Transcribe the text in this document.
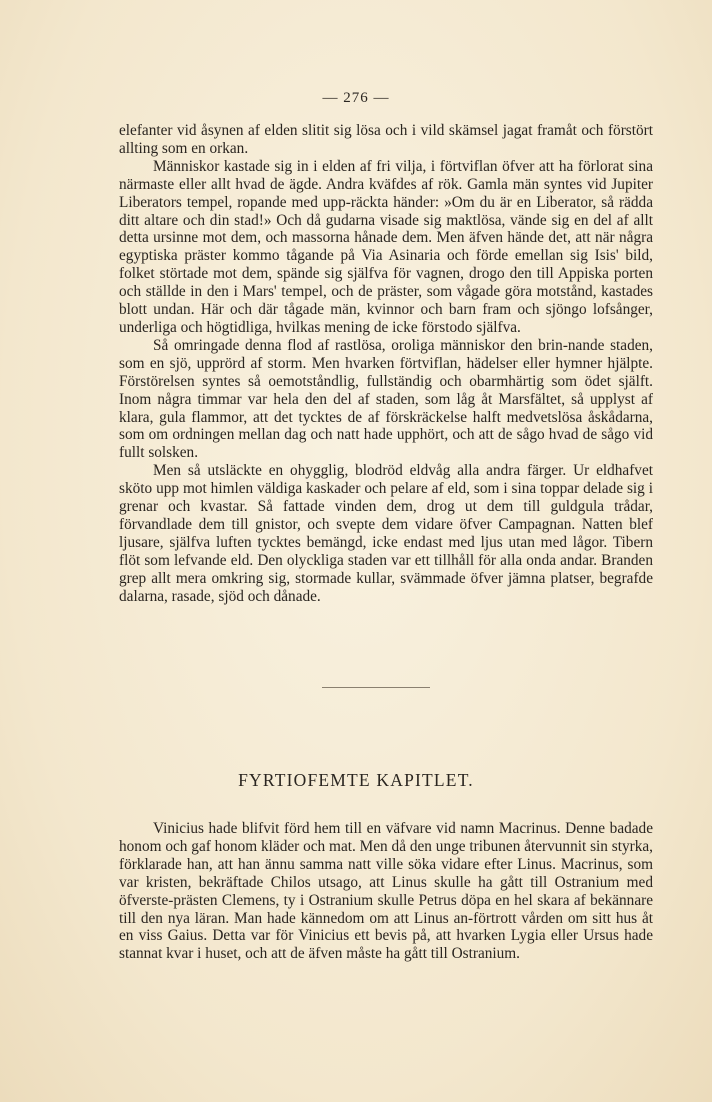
— 276 —

elefanter vid åsynen af elden slitit sig lösa och i vild skämsel jagat framåt och förstört allting som en orkan.

Människor kastade sig in i elden af fri vilja, i förtviflan öfver att ha förlorat sina närmaste eller allt hvad de ägde. Andra kväfdes af rök. Gamla män syntes vid Jupiter Liberators tempel, ropande med upp-räckta händer: »Om du är en Liberator, så rädda ditt altare och din stad!» Och då gudarna visade sig maktlösa, vände sig en del af allt detta ursinne mot dem, och massorna hånade dem. Men äfven hände det, att när några egyptiska präster kommo tågande på Via Asinaria och förde emellan sig Isis' bild, folket störtade mot dem, spände sig själfva för vagnen, drogo den till Appiska porten och ställde in den i Mars' tempel, och de präster, som vågade göra motstånd, kastades blott undan. Här och där tågade män, kvinnor och barn fram och sjöngo lofsånger, underliga och högtidliga, hvilkas mening de icke förstodo själfva.

Så omringade denna flod af rastlösa, oroliga människor den brin-nande staden, som en sjö, upprörd af storm. Men hvarken förtviflan, hädelser eller hymner hjälpte. Förstörelsen syntes så oemotståndlig, fullständig och obarmhärtig som ödet själft. Inom några timmar var hela den del af staden, som låg åt Marsfältet, så upplyst af klara, gula flammor, att det tycktes de af förskräckelse halft medvetslösa åskådarna, som om ordningen mellan dag och natt hade upphört, och att de sågo hvad de sågo vid fullt solsken.

Men så utsläckte en ohygglig, blodröd eldvåg alla andra färger. Ur eldhafvet sköto upp mot himlen väldiga kaskader och pelare af eld, som i sina toppar delade sig i grenar och kvastar. Så fattade vinden dem, drog ut dem till guldgula trådar, förvandlade dem till gnistor, och svepte dem vidare öfver Campagnan. Natten blef ljusare, själfva luften tycktes bemängd, icke endast med ljus utan med lågor. Tibern flöt som lefvande eld. Den olyckliga staden var ett tillhåll för alla onda andar. Branden grep allt mera omkring sig, stormade kullar, svämmade öfver jämna platser, begrafde dalarna, rasade, sjöd och dånade.

FYRTIOFEMTE KAPITLET.

Vinicius hade blifvit förd hem till en väfvare vid namn Macrinus. Denne badade honom och gaf honom kläder och mat. Men då den unge tribunen återvunnit sin styrka, förklarade han, att han ännu samma natt ville söka vidare efter Linus. Macrinus, som var kristen, bekräftade Chilos utsago, att Linus skulle ha gått till Ostranium med öfverste-prästen Clemens, ty i Ostranium skulle Petrus döpa en hel skara af bekännare till den nya läran. Man hade kännedom om att Linus an-förtrott vården om sitt hus åt en viss Gaius. Detta var för Vinicius ett bevis på, att hvarken Lygia eller Ursus hade stannat kvar i huset, och att de äfven måste ha gått till Ostranium.
